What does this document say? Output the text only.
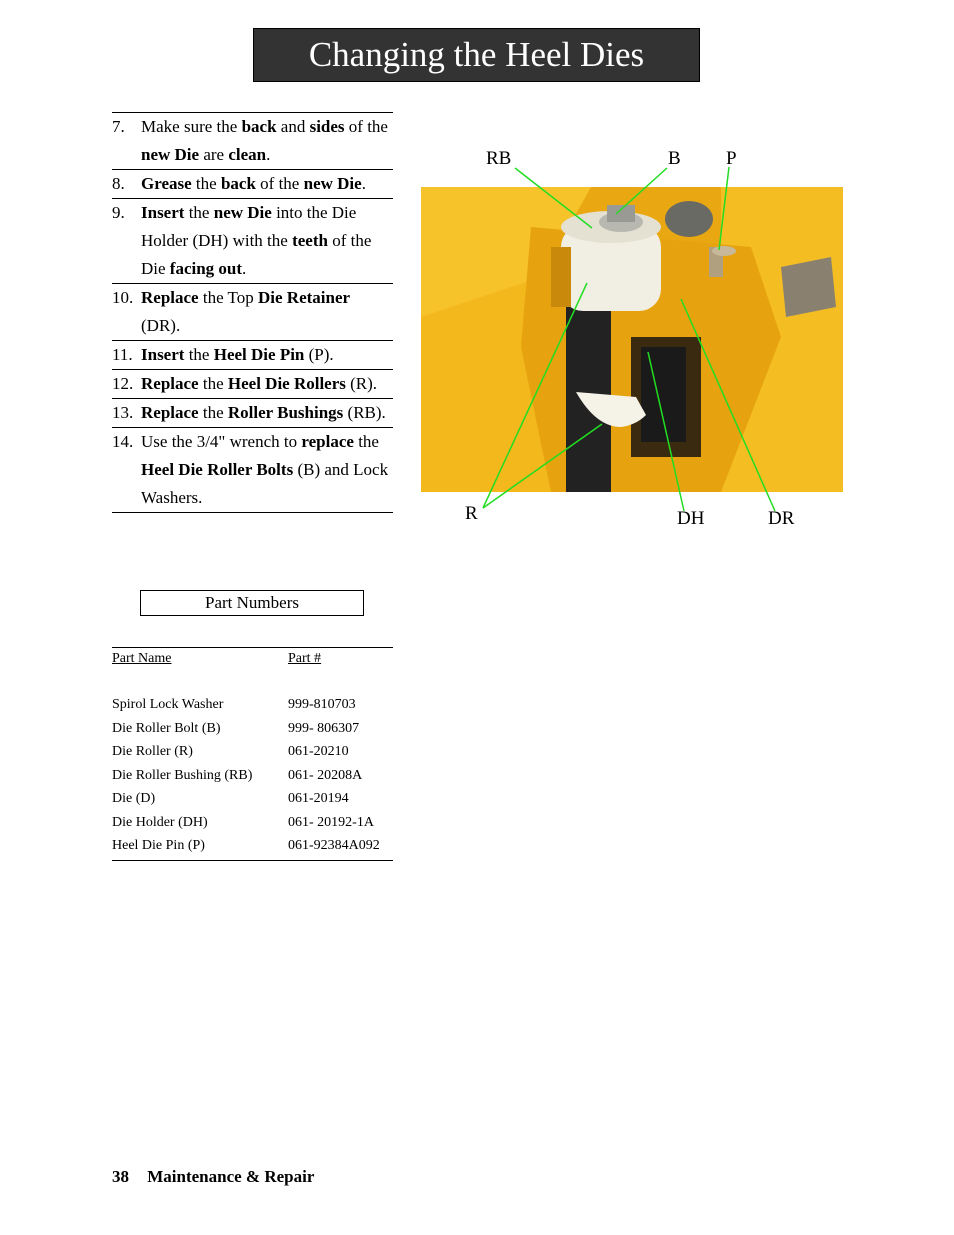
Changing the Heel Dies
7. Make sure the back and sides of the new Die are clean.
8. Grease the back of the new Die.
9. Insert the new Die into the Die Holder (DH) with the teeth of the Die facing out.
10. Replace the Top Die Retainer (DR).
11. Insert the Heel Die Pin (P).
12. Replace the Heel Die Rollers (R).
13. Replace the Roller Bushings (RB).
14. Use the 3/4" wrench to replace the Heel Die Roller Bolts (B) and Lock Washers.
Part Numbers
Part Name	Part #
Spirol Lock Washer	999-810703
Die Roller Bolt (B)	999- 806307
Die Roller (R)	061-20210
Die Roller Bushing (RB)	061- 20208A
Die (D)	061-20194
Die Holder (DH)	061- 20192-1A
Heel Die Pin (P)	061-92384A092
RB	B P
R	DH	DR
38 Maintenance & Repair
